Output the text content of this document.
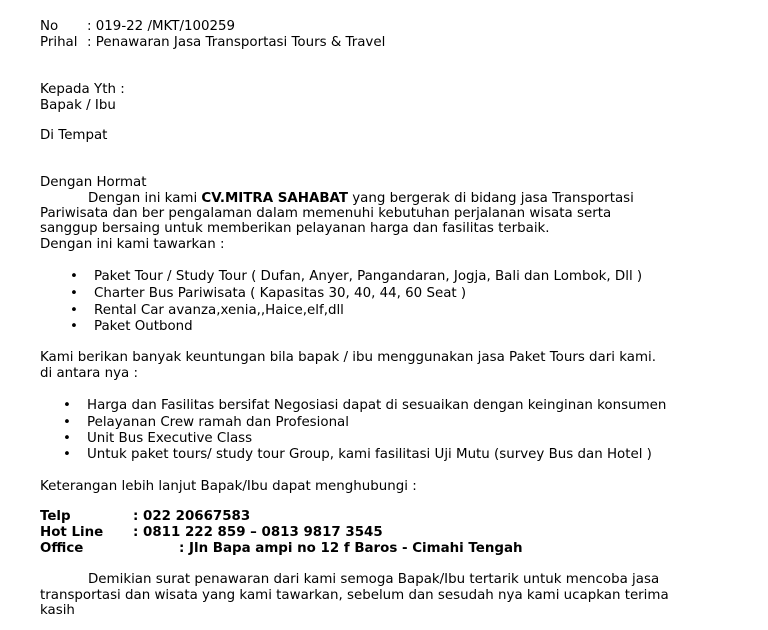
No : 019-22 /MKT/100259
Prihal : Penawaran Jasa Transportasi Tours & Travel
Kepada Yth :
Bapak / Ibu
Di Tempat
Dengan Hormat
Dengan ini kami CV.MITRA SAHABAT yang bergerak di bidang jasa Transportasi
Pariwisata dan ber pengalaman dalam memenuhi kebutuhan perjalanan wisata serta
sanggup bersaing untuk memberikan pelayanan harga dan fasilitas terbaik.
Dengan ini kami tawarkan :
• Paket Tour / Study Tour ( Dufan, Anyer, Pangandaran, Jogja, Bali dan Lombok, Dll )
• Charter Bus Pariwisata ( Kapasitas 30, 40, 44, 60 Seat )
• Rental Car avanza,xenia,,Haice,elf,dll
• Paket Outbond
Kami berikan banyak keuntungan bila bapak / ibu menggunakan jasa Paket Tours dari kami.
di antara nya :
• Harga dan Fasilitas bersifat Negosiasi dapat di sesuaikan dengan keinginan konsumen
• Pelayanan Crew ramah dan Profesional
• Unit Bus Executive Class
• Untuk paket tours/ study tour Group, kami fasilitasi Uji Mutu (survey Bus dan Hotel )
Keterangan lebih lanjut Bapak/Ibu dapat menghubungi :
Telp	: 022 20667583
Hot Line : 0811 222 859 – 0813 9817 3545
Office	: Jln Bapa ampi no 12 f Baros - Cimahi Tengah
Demikian surat penawaran dari kami semoga Bapak/Ibu tertarik untuk mencoba jasa
transportasi dan wisata yang kami tawarkan, sebelum dan sesudah nya kami ucapkan terima
kasih
